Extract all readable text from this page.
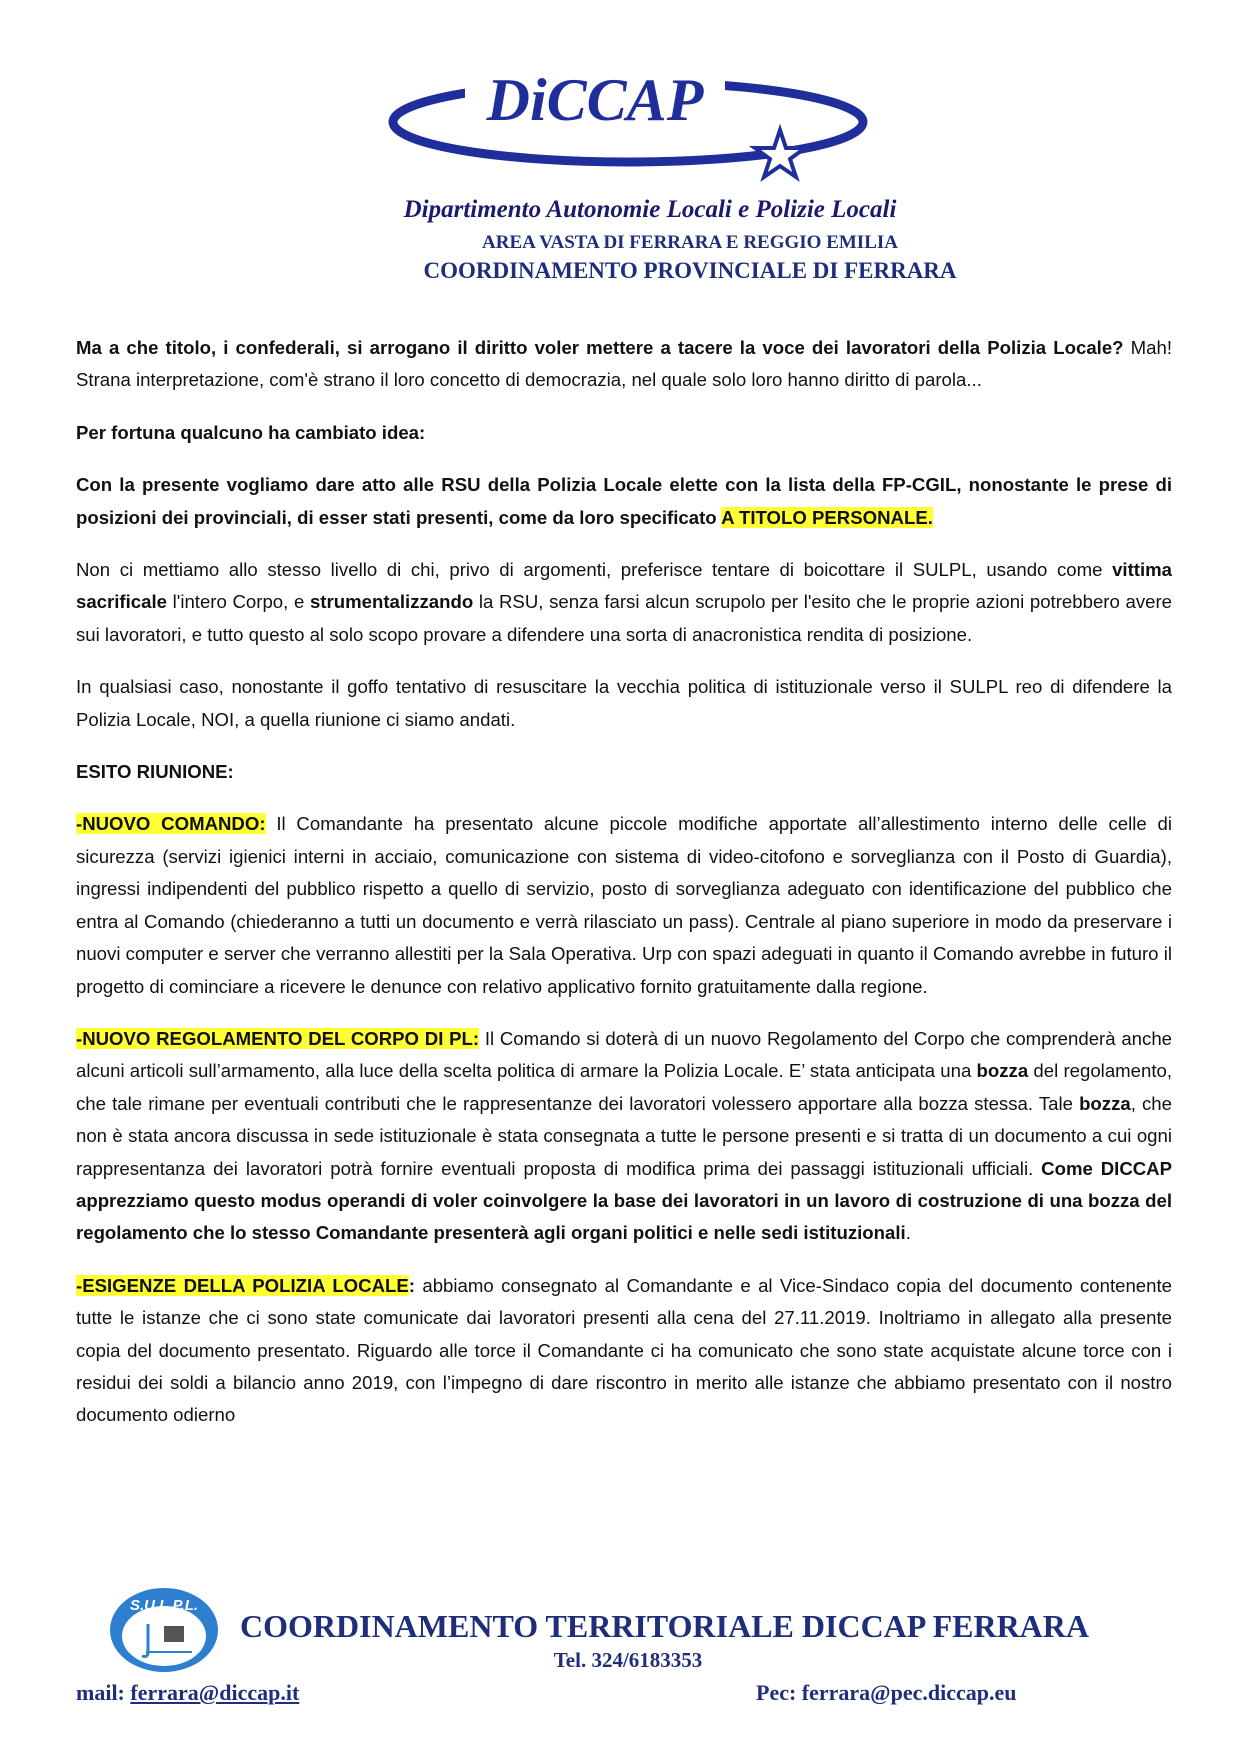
DiCCAP
Dipartimento Autonomie Locali e Polizie Locali
AREA VASTA DI FERRARA E REGGIO EMILIA
COORDINAMENTO PROVINCIALE DI FERRARA

Ma a che titolo, i confederali, si arrogano il diritto voler mettere a tacere la voce dei lavoratori della Polizia Locale? Mah! Strana interpretazione, com'è strano il loro concetto di democrazia, nel quale solo loro hanno diritto di parola...

Per fortuna qualcuno ha cambiato idea:

Con la presente vogliamo dare atto alle RSU della Polizia Locale elette con la lista della FP-CGIL, nonostante le prese di posizioni dei provinciali, di esser stati presenti, come da loro specificato A TITOLO PERSONALE.

Non ci mettiamo allo stesso livello di chi, privo di argomenti, preferisce tentare di boicottare il SULPL, usando come vittima sacrificale l'intero Corpo, e strumentalizzando la RSU, senza farsi alcun scrupolo per l'esito che le proprie azioni potrebbero avere sui lavoratori, e tutto questo al solo scopo provare a difendere una sorta di anacronistica rendita di posizione.

In qualsiasi caso, nonostante il goffo tentativo di resuscitare la vecchia politica di istituzionale verso il SULPL reo di difendere la Polizia Locale, NOI, a quella riunione ci siamo andati.

ESITO RIUNIONE:

-NUOVO COMANDO: Il Comandante ha presentato alcune piccole modifiche apportate all’allestimento interno delle celle di sicurezza (servizi igienici interni in acciaio, comunicazione con sistema di video-citofono e sorveglianza con il Posto di Guardia), ingressi indipendenti del pubblico rispetto a quello di servizio, posto di sorveglianza adeguato con identificazione del pubblico che entra al Comando (chiederanno a tutti un documento e verrà rilasciato un pass). Centrale al piano superiore in modo da preservare i nuovi computer e server che verranno allestiti per la Sala Operativa. Urp con spazi adeguati in quanto il Comando avrebbe in futuro il progetto di cominciare a ricevere le denunce con relativo applicativo fornito gratuitamente dalla regione.

-NUOVO REGOLAMENTO DEL CORPO DI PL: Il Comando si doterà di un nuovo Regolamento del Corpo che comprenderà anche alcuni articoli sull’armamento, alla luce della scelta politica di armare la Polizia Locale. E’ stata anticipata una bozza del regolamento, che tale rimane per eventuali contributi che le rappresentanze dei lavoratori volessero apportare alla bozza stessa. Tale bozza, che non è stata ancora discussa in sede istituzionale è stata consegnata a tutte le persone presenti e si tratta di un documento a cui ogni rappresentanza dei lavoratori potrà fornire eventuali proposta di modifica prima dei passaggi istituzionali ufficiali. Come DICCAP apprezziamo questo modus operandi di voler coinvolgere la base dei lavoratori in un lavoro di costruzione di una bozza del regolamento che lo stesso Comandante presenterà agli organi politici e nelle sedi istituzionali.

-ESIGENZE DELLA POLIZIA LOCALE: abbiamo consegnato al Comandante e al Vice-Sindaco copia del documento contenente tutte le istanze che ci sono state comunicate dai lavoratori presenti alla cena del 27.11.2019. Inoltriamo in allegato alla presente copia del documento presentato. Riguardo alle torce il Comandante ci ha comunicato che sono state acquistate alcune torce con i residui dei soldi a bilancio anno 2019, con l’impegno di dare riscontro in merito alle istanze che abbiamo presentato con il nostro documento odierno

S.U.L.P.L.
COORDINAMENTO TERRITORIALE DICCAP FERRARA
Tel. 324/6183353
mail: ferrara@diccap.it	Pec: ferrara@pec.diccap.eu
